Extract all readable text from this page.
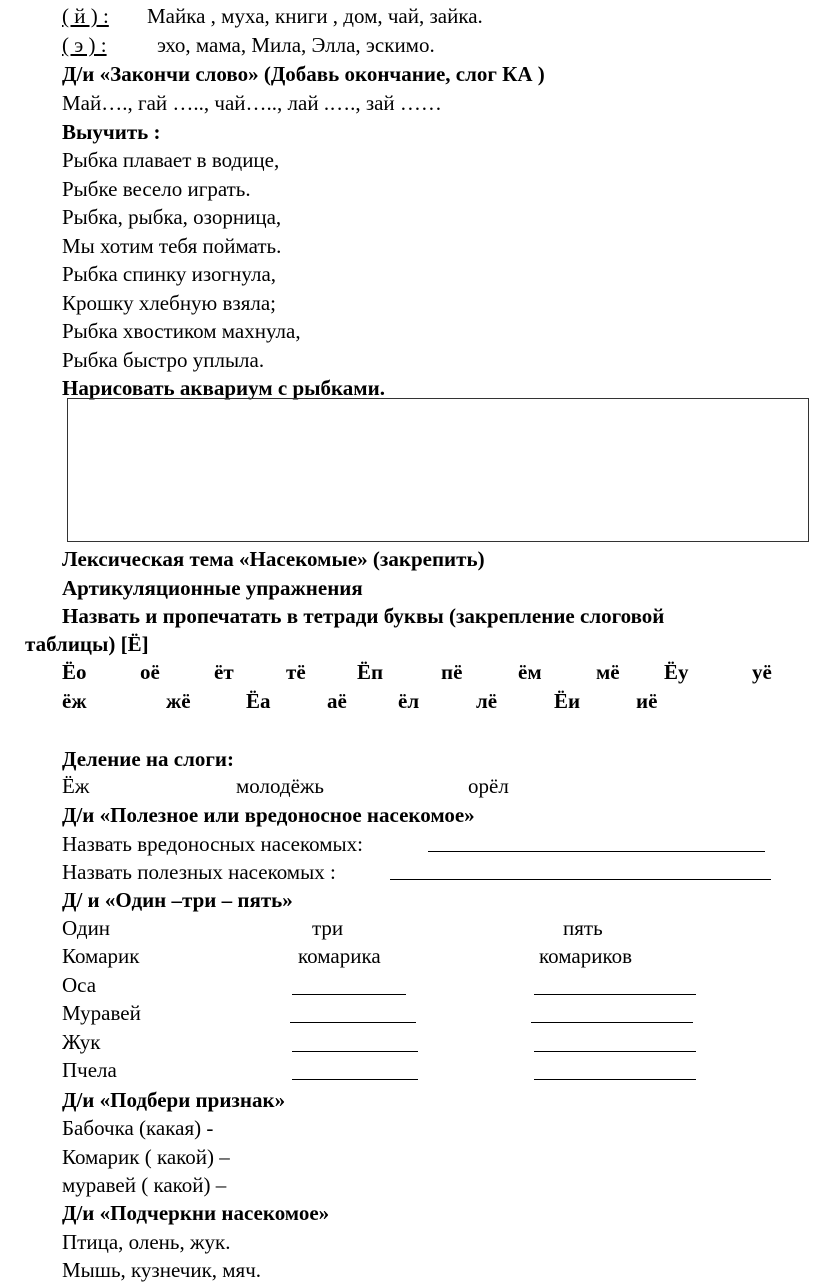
( й ) : Майка , муха, книги , дом, чай, зайка.
( э ) : эхо, мама, Мила, Элла, эскимо.
Д/и «Закончи слово» (Добавь окончание, слог КА )
Май…., гай ….., чай….., лай .…., зай ……
Выучить :
Рыбка плавает в водице,
Рыбке весело играть.
Рыбка, рыбка, озорница,
Мы хотим тебя поймать.
Рыбка спинку изогнула,
Крошку хлебную взяла;
Рыбка хвостиком махнула,
Рыбка быстро уплыла.
Нарисовать аквариум с рыбками.
Лексическая тема «Насекомые» (закрепить)
Артикуляционные упражнения
Назвать и пропечатать в тетради буквы (закрепление слоговой
таблицы) [Ё]
Ёо	оё	ёт тё Ёп	пё	ём	мё Ёу	уё
ёж	жё	Ёа	аё ёл	лё	Ёи	иё
Деление на слоги:
Ёж	молодёжь	орёл
Д/и «Полезное или вредоносное насекомое»
Назвать вредоносных насекомых:
Назвать полезных насекомых :
Д/ и «Один –три – пять»
Один	три	пять
Комарик	комарика	комариков
Оса
Муравей
Жук
Пчела
Д/и «Подбери признак»
Бабочка (какая) -
Комарик ( какой) –
муравей ( какой) –
Д/и «Подчеркни насекомое»
Птица, олень, жук.
Мышь, кузнечик, мяч.
